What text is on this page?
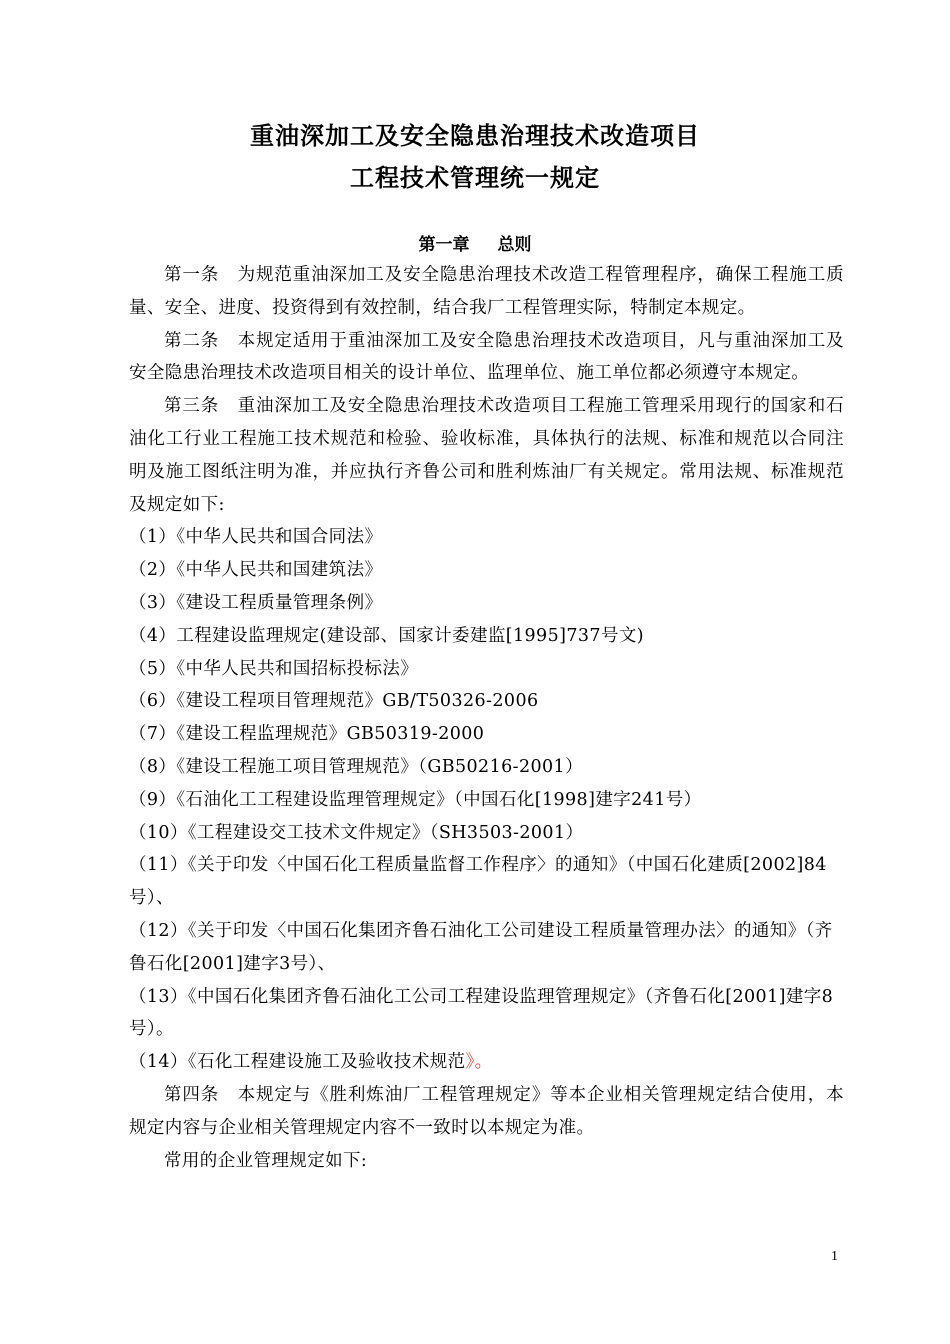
重油深加工及安全隐患治理技术改造项目
工程技术管理统一规定
第一章 总则

第一条　为规范重油深加工及安全隐患治理技术改造工程管理程序，确保工程施工质量、安全、进度、投资得到有效控制，结合我厂工程管理实际，特制定本规定。

第二条　本规定适用于重油深加工及安全隐患治理技术改造项目，凡与重油深加工及安全隐患治理技术改造项目相关的设计单位、监理单位、施工单位都必须遵守本规定。

第三条　重油深加工及安全隐患治理技术改造项目工程施工管理采用现行的国家和石油化工行业工程施工技术规范和检验、验收标准，具体执行的法规、标准和规范以合同注明及施工图纸注明为准，并应执行齐鲁公司和胜利炼油厂有关规定。常用法规、标准规范及规定如下:

（1）《中华人民共和国合同法》

（2）《中华人民共和国建筑法》

（3）《建设工程质量管理条例》

（4）工程建设监理规定(建设部、国家计委建监[1995]737号文)

（5）《中华人民共和国招标投标法》

（6）《建设工程项目管理规范》GB/T50326-2006

（7）《建设工程监理规范》GB50319-2000

（8）《建设工程施工项目管理规范》（GB50216-2001）

（9）《石油化工工程建设监理管理规定》（中国石化[1998]建字241号）

（10）《工程建设交工技术文件规定》（SH3503-2001）

（11）《关于印发〈中国石化工程质量监督工作程序〉的通知》（中国石化建质[2002]84号）、

（12）《关于印发〈中国石化集团齐鲁石油化工公司建设工程质量管理办法〉的通知》（齐鲁石化[2001]建字3号）、

（13）《中国石化集团齐鲁石油化工公司工程建设监理管理规定》（齐鲁石化[2001]建字8号）。

（14）《石化工程建设施工及验收技术规范》。

第四条　本规定与《胜利炼油厂工程管理规定》等本企业相关管理规定结合使用，本规定内容与企业相关管理规定内容不一致时以本规定为准。

常用的企业管理规定如下:

1
